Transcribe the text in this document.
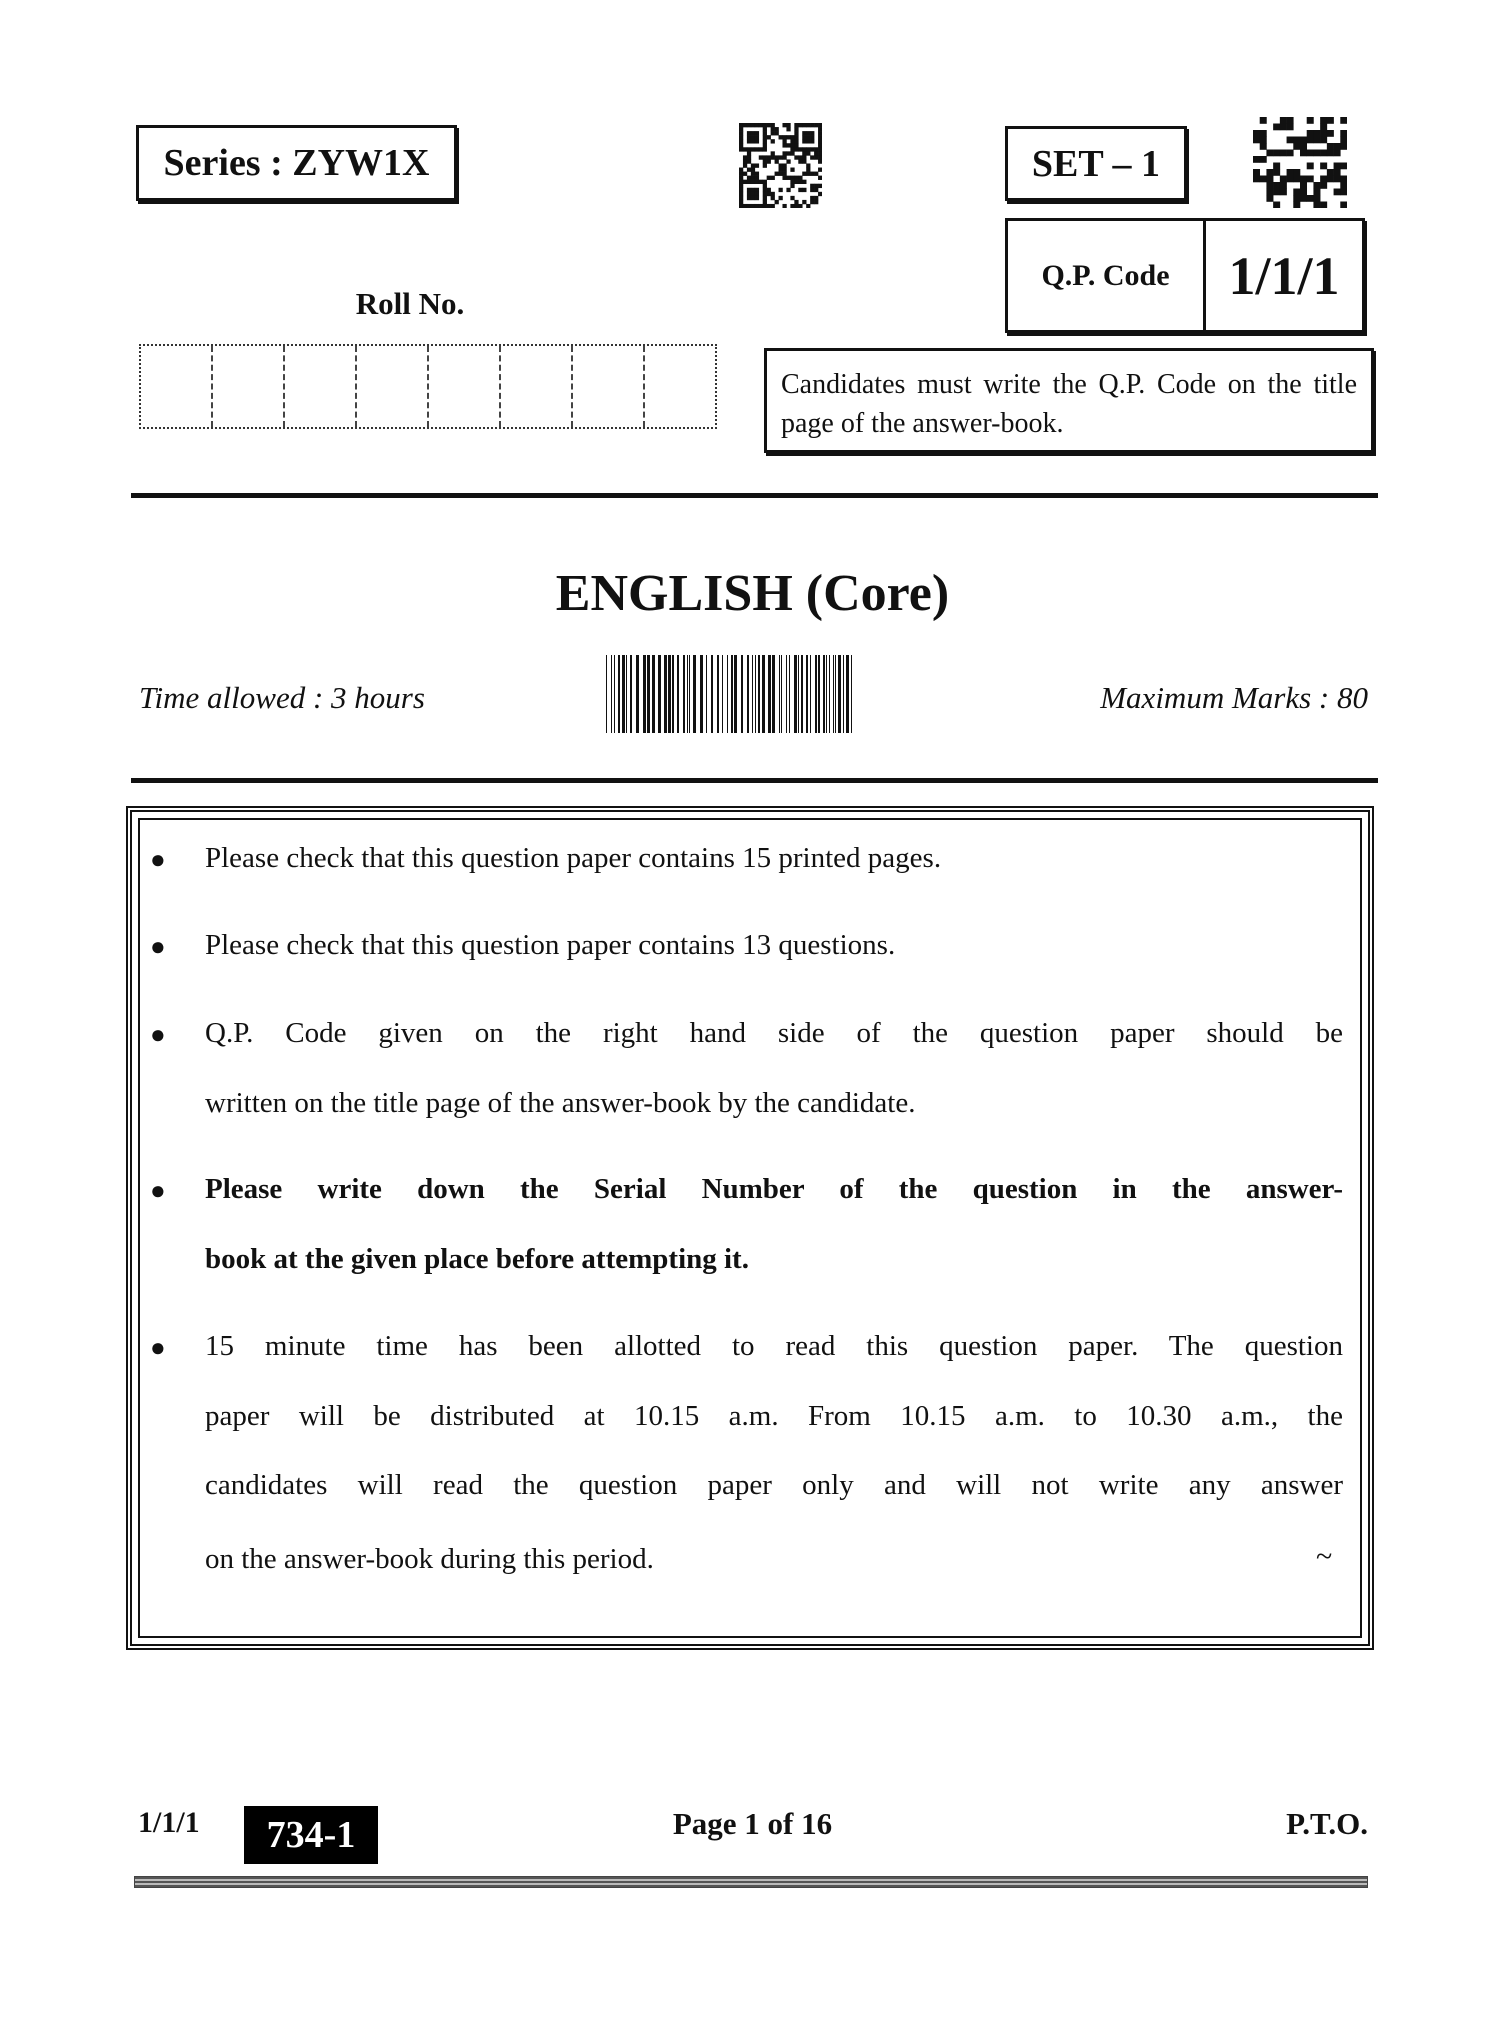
Series : ZYW1X	SET – 1
Q.P. Code	1/1/1
Roll No.
Candidates must write the Q.P. Code on the title page of the answer-book.
ENGLISH (Core)
Time allowed : 3 hours	Maximum Marks : 80
●
●
●
●
●
Please check that this question paper contains 15 printed pages.
Please check that this question paper contains 13 questions.
Q.P. Code given on the right hand side of the question paper should be
written on the title page of the answer-book by the candidate.
Please write down the Serial Number of the question in the answer-
book at the given place before attempting it.
15 minute time has been allotted to read this question paper. The question
paper will be distributed at 10.15 a.m. From 10.15 a.m. to 10.30 a.m., the
candidates will read the question paper only and will not write any answer
on the answer-book during this period.	~
1/1/1	734-1	Page 1 of 16	P.T.O.
